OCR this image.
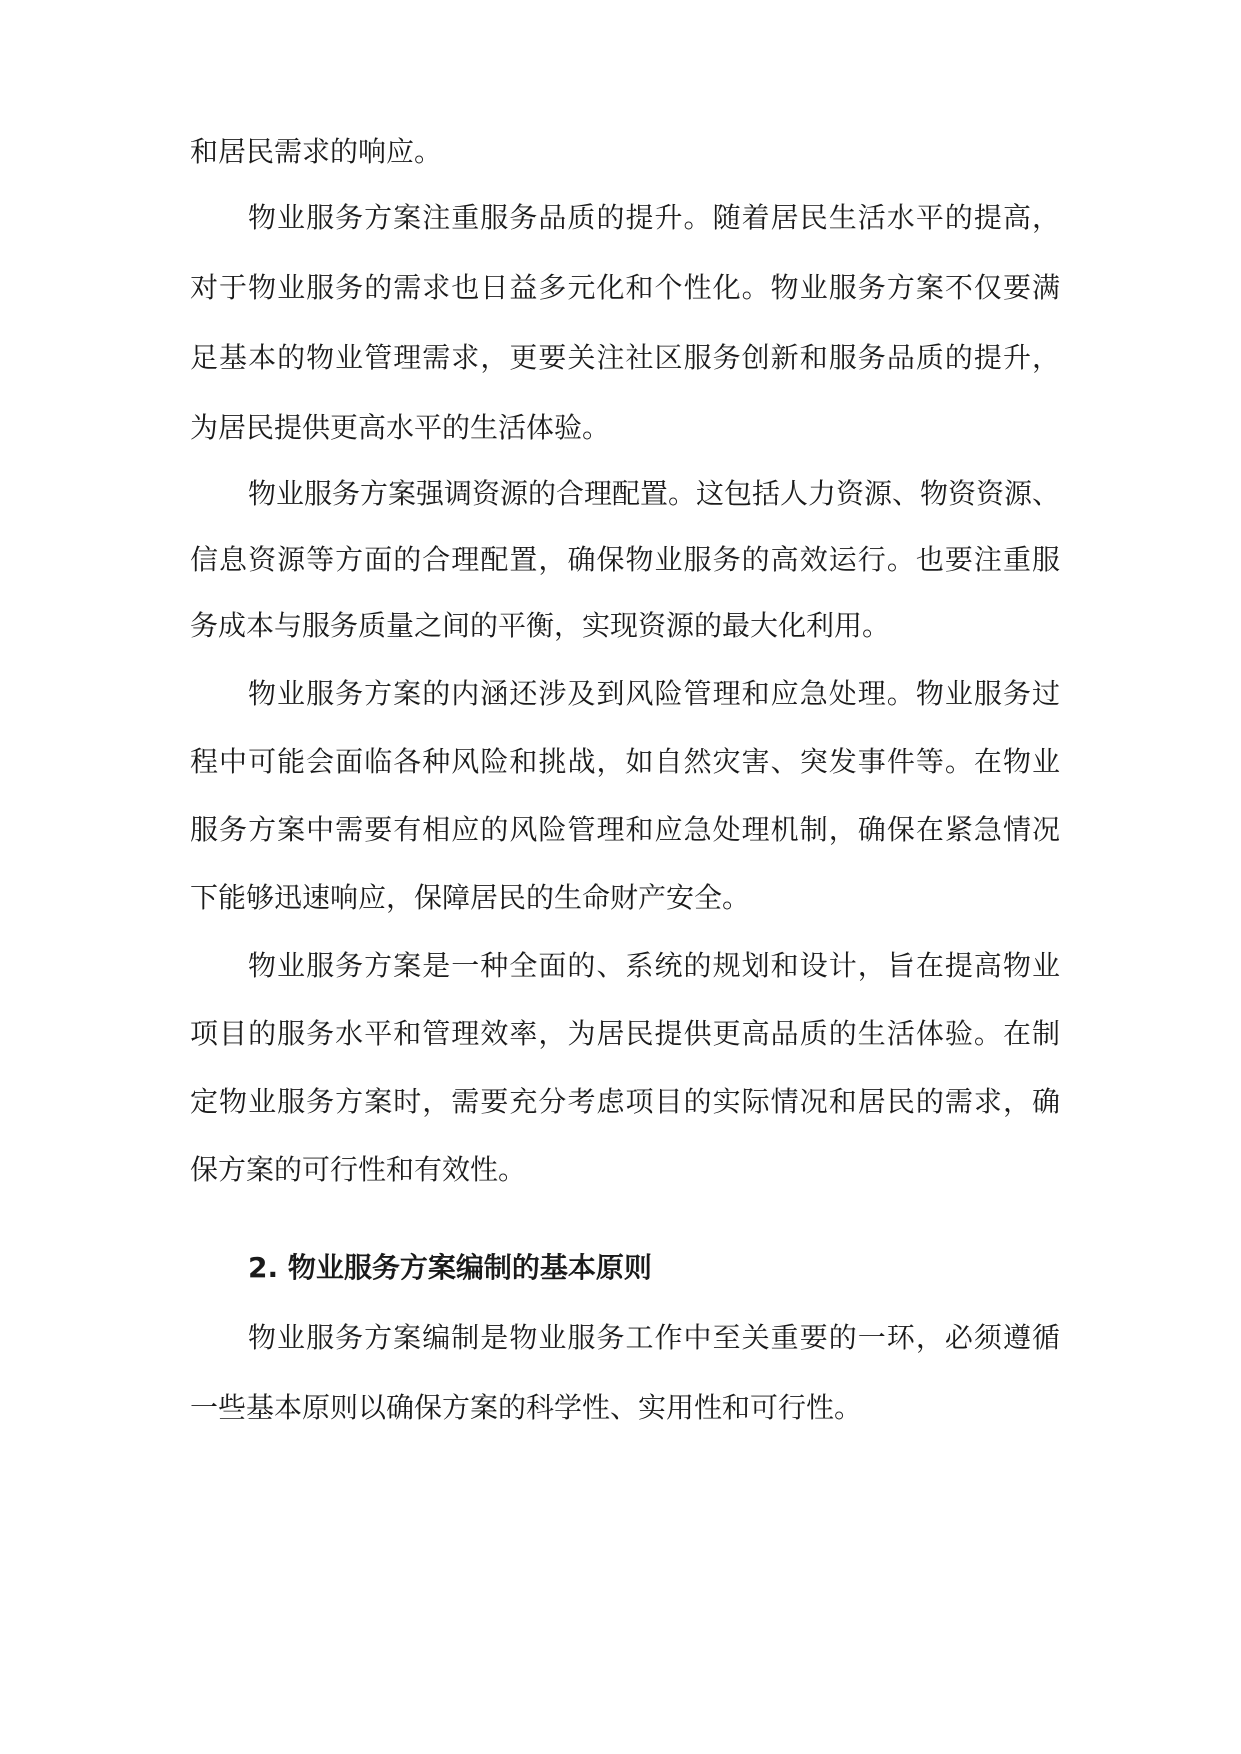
和居民需求的响应。
物业服务方案注重服务品质的提升。随着居民生活水平的提高，
对于物业服务的需求也日益多元化和个性化。物业服务方案不仅要满
足基本的物业管理需求，更要关注社区服务创新和服务品质的提升，
为居民提供更高水平的生活体验。
物业服务方案强调资源的合理配置。这包括人力资源、物资资源、
信息资源等方面的合理配置，确保物业服务的高效运行。也要注重服
务成本与服务质量之间的平衡，实现资源的最大化利用。
物业服务方案的内涵还涉及到风险管理和应急处理。物业服务过
程中可能会面临各种风险和挑战，如自然灾害、突发事件等。在物业
服务方案中需要有相应的风险管理和应急处理机制，确保在紧急情况
下能够迅速响应，保障居民的生命财产安全。
物业服务方案是一种全面的、系统的规划和设计，旨在提高物业
项目的服务水平和管理效率，为居民提供更高品质的生活体验。在制
定物业服务方案时，需要充分考虑项目的实际情况和居民的需求，确
保方案的可行性和有效性。
2. 物业服务方案编制的基本原则
物业服务方案编制是物业服务工作中至关重要的一环，必须遵循
一些基本原则以确保方案的科学性、实用性和可行性。
